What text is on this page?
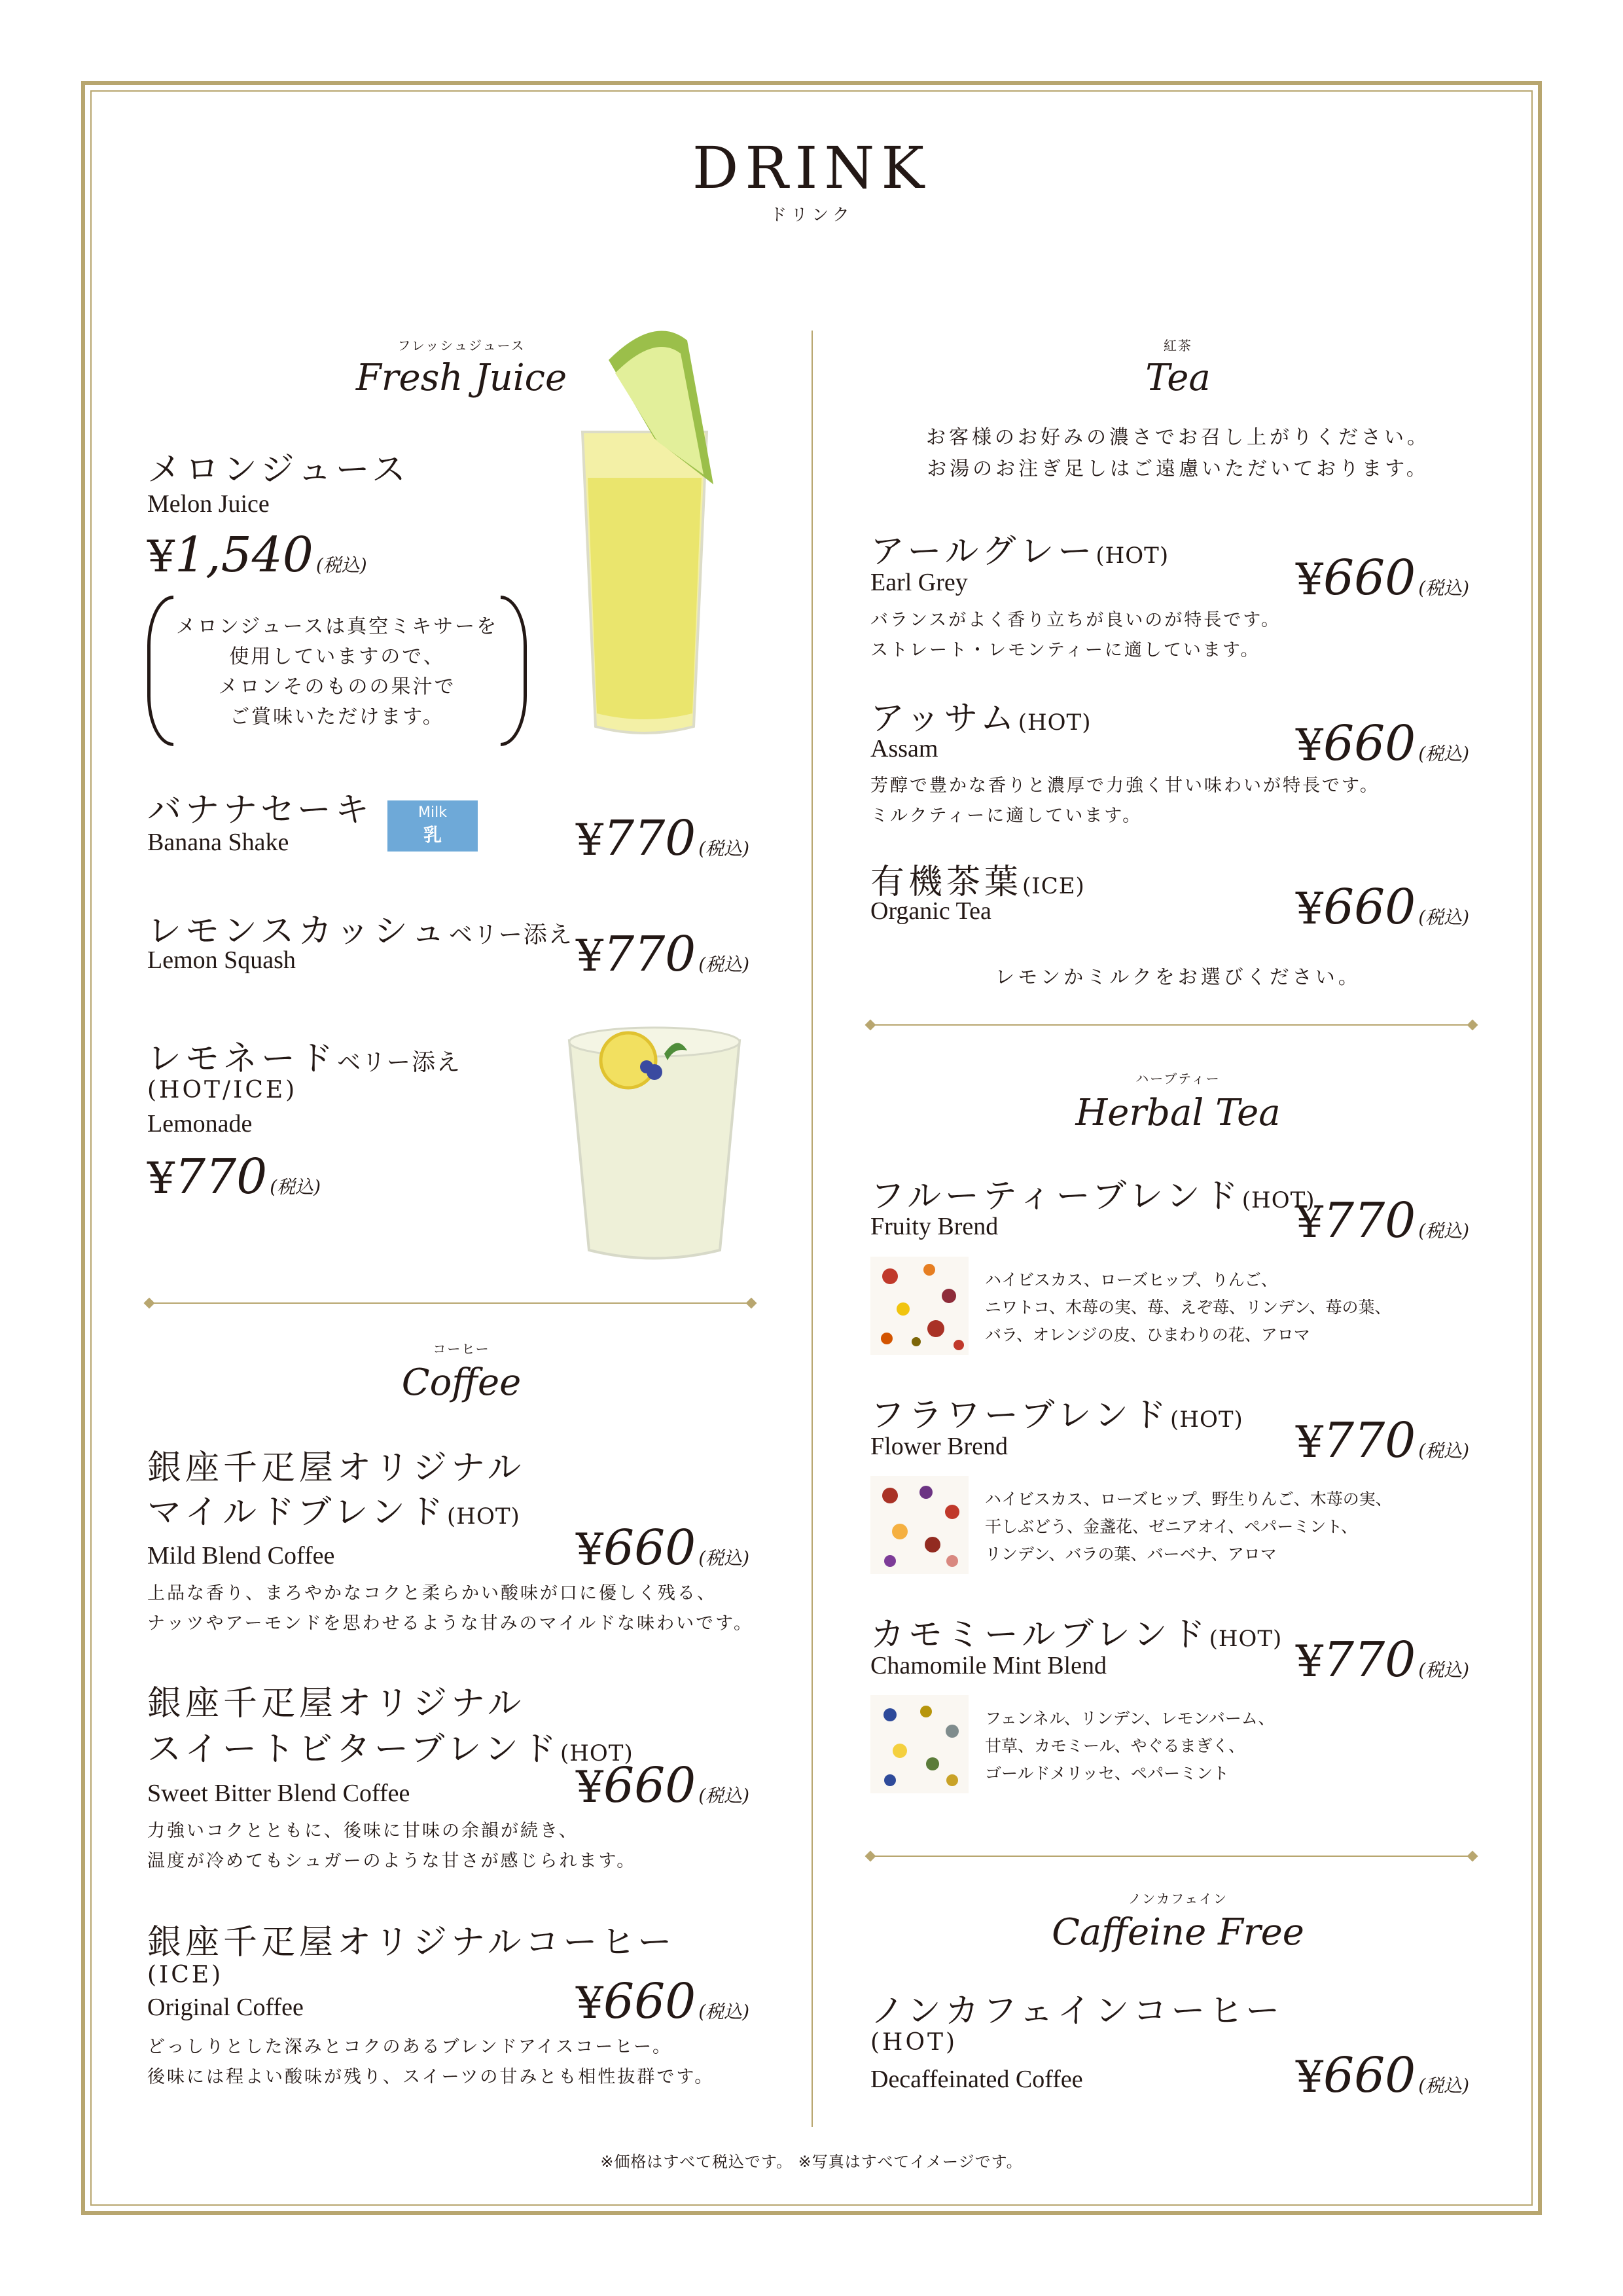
DRINK
ドリンク
フレッシュジュース
Fresh Juice
メロンジュース
Melon Juice
¥1,540 (税込)
メロンジュースは真空ミキサーを
使用していますので、
メロンそのものの果汁で
ご賞味いただけます。
バナナセーキ	Milk
乳
Banana Shake	¥770 (税込)
レモンスカッシュベリー添え
Lemon Squash	¥770 (税込)
レモネードベリー添え
(HOT/ICE)
Lemonade
¥770 (税込)
コーヒー
Coffee
銀座千疋屋オリジナル
マイルドブレンド(HOT)
Mild Blend Coffee	¥660 (税込)
上品な香り、まろやかなコクと柔らかい酸味が口に優しく残る、
ナッツやアーモンドを思わせるような甘みのマイルドな味わいです。
銀座千疋屋オリジナル
スイートビターブレンド(HOT)
Sweet Bitter Blend Coffee	¥660 (税込)
力強いコクとともに、後味に甘味の余韻が続き、
温度が冷めてもシュガーのような甘さが感じられます。
銀座千疋屋オリジナルコーヒー
(ICE)
Original Coffee	¥660 (税込)
どっしりとした深みとコクのあるブレンドアイスコーヒー。
後味には程よい酸味が残り、スイーツの甘みとも相性抜群です。
紅茶
Tea
お客様のお好みの濃さでお召し上がりください。
お湯のお注ぎ足しはご遠慮いただいております。
アールグレー(HOT)
Earl Grey	¥660 (税込)
バランスがよく香り立ちが良いのが特長です。
ストレート・レモンティーに適しています。
アッサム(HOT)
Assam	¥660 (税込)
芳醇で豊かな香りと濃厚で力強く甘い味わいが特長です。
ミルクティーに適しています。
有機茶葉(ICE)
Organic Tea	¥660 (税込)
レモンかミルクをお選びください。
ハーブティー
Herbal Tea
フルーティーブレンド(HOT)
Fruity Brend	¥770 (税込)
ハイビスカス、ローズヒップ、りんご、
ニワトコ、木苺の実、苺、えぞ苺、リンデン、苺の葉、
バラ、オレンジの皮、ひまわりの花、アロマ
フラワーブレンド(HOT)
Flower Brend	¥770 (税込)
ハイビスカス、ローズヒップ、野生りんご、木苺の実、
干しぶどう、金盞花、ゼニアオイ、ペパーミント、
リンデン、バラの葉、バーベナ、アロマ
カモミールブレンド(HOT)
Chamomile Mint Blend	¥770 (税込)
フェンネル、リンデン、レモンバーム、
甘草、カモミール、やぐるまぎく、
ゴールドメリッセ、ペパーミント
ノンカフェイン
Caffeine Free
ノンカフェインコーヒー
(HOT)
Decaffeinated Coffee	¥660 (税込)
※価格はすべて税込です。 ※写真はすべてイメージです。
